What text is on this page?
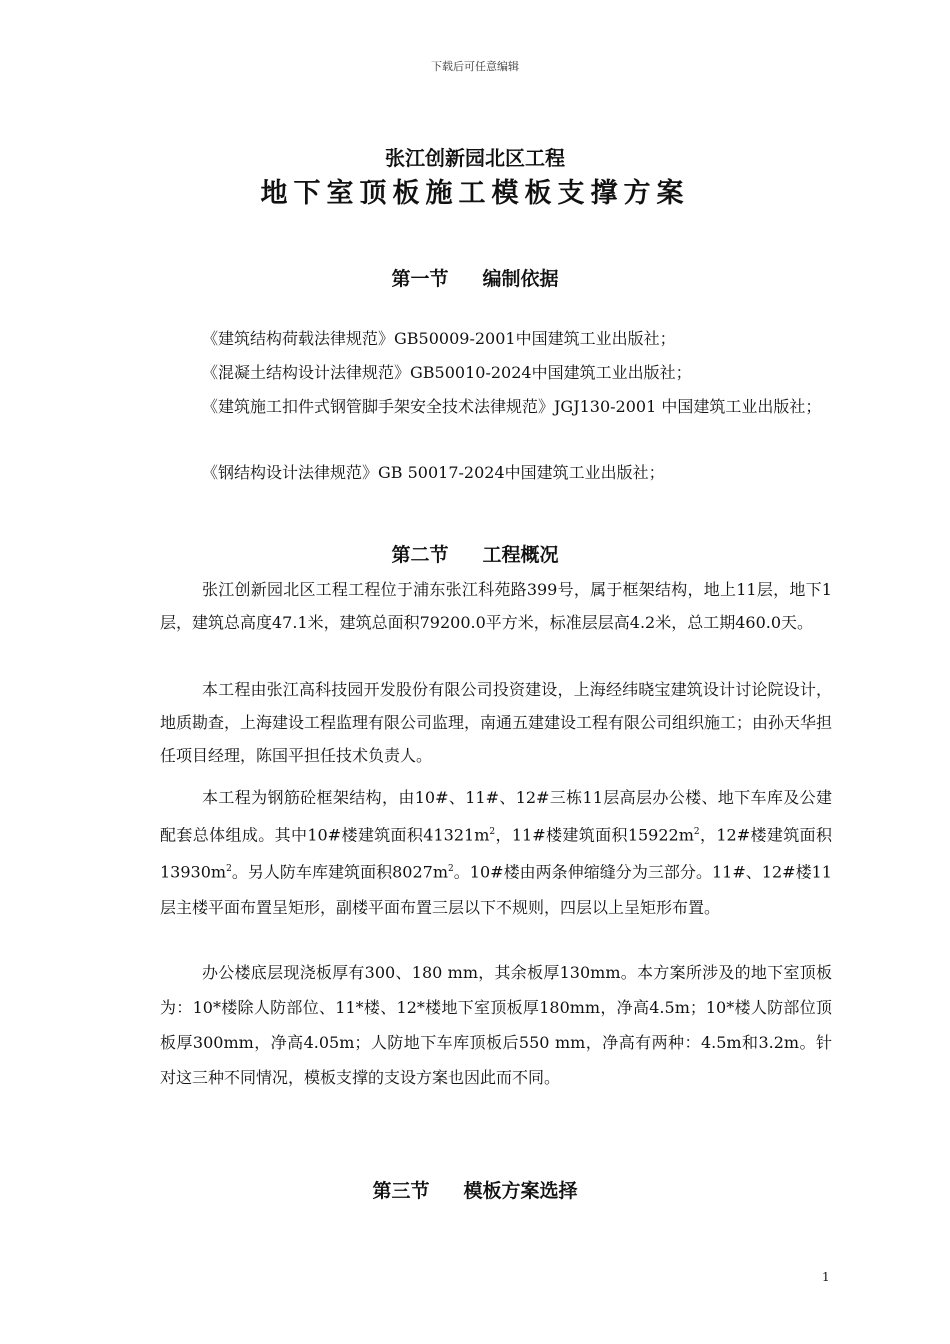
下载后可任意编辑
张江创新园北区工程
地下室顶板施工模板支撑方案
第一节 编制依据
《建筑结构荷载法律规范》GB50009-2001中国建筑工业出版社；
《混凝土结构设计法律规范》GB50010-2024中国建筑工业出版社；
《建筑施工扣件式钢管脚手架安全技术法律规范》JGJ130-2001 中国建筑工业出版社；
《钢结构设计法律规范》GB 50017-2024中国建筑工业出版社；
第二节 工程概况
张江创新园北区工程工程位于浦东张江科苑路399号，属于框架结构，地上11层，地下1层，建筑总高度47.1米，建筑总面积79200.0平方米，标准层层高4.2米，总工期460.0天。
本工程由张江高科技园开发股份有限公司投资建设，上海经纬晓宝建筑设计讨论院设计，地质勘查，上海建设工程监理有限公司监理，南通五建建设工程有限公司组织施工；由孙天华担任项目经理，陈国平担任技术负责人。
本工程为钢筋砼框架结构，由10#、11#、12#三栋11层高层办公楼、地下车库及公建配套总体组成。其中10#楼建筑面积$41321m^2$，11#楼建筑面积$15922m^2$，12#楼建筑面积$13930m^2$。另人防车库建筑面积$8027m^2$。10#楼由两条伸缩缝分为三部分。11#、12#楼11层主楼平面布置呈矩形，副楼平面布置三层以下不规则，四层以上呈矩形布置。
办公楼底层现浇板厚有300、180 mm，其余板厚130mm。本方案所涉及的地下室顶板为：10*楼除人防部位、11*楼、12*楼地下室顶板厚180mm，净高4.5m；10*楼人防部位顶板厚300mm，净高4.05m；人防地下车库顶板后550 mm，净高有两种：4.5m和3.2m。针对这三种不同情况，模板支撑的支设方案也因此而不同。
第三节 模板方案选择
1
